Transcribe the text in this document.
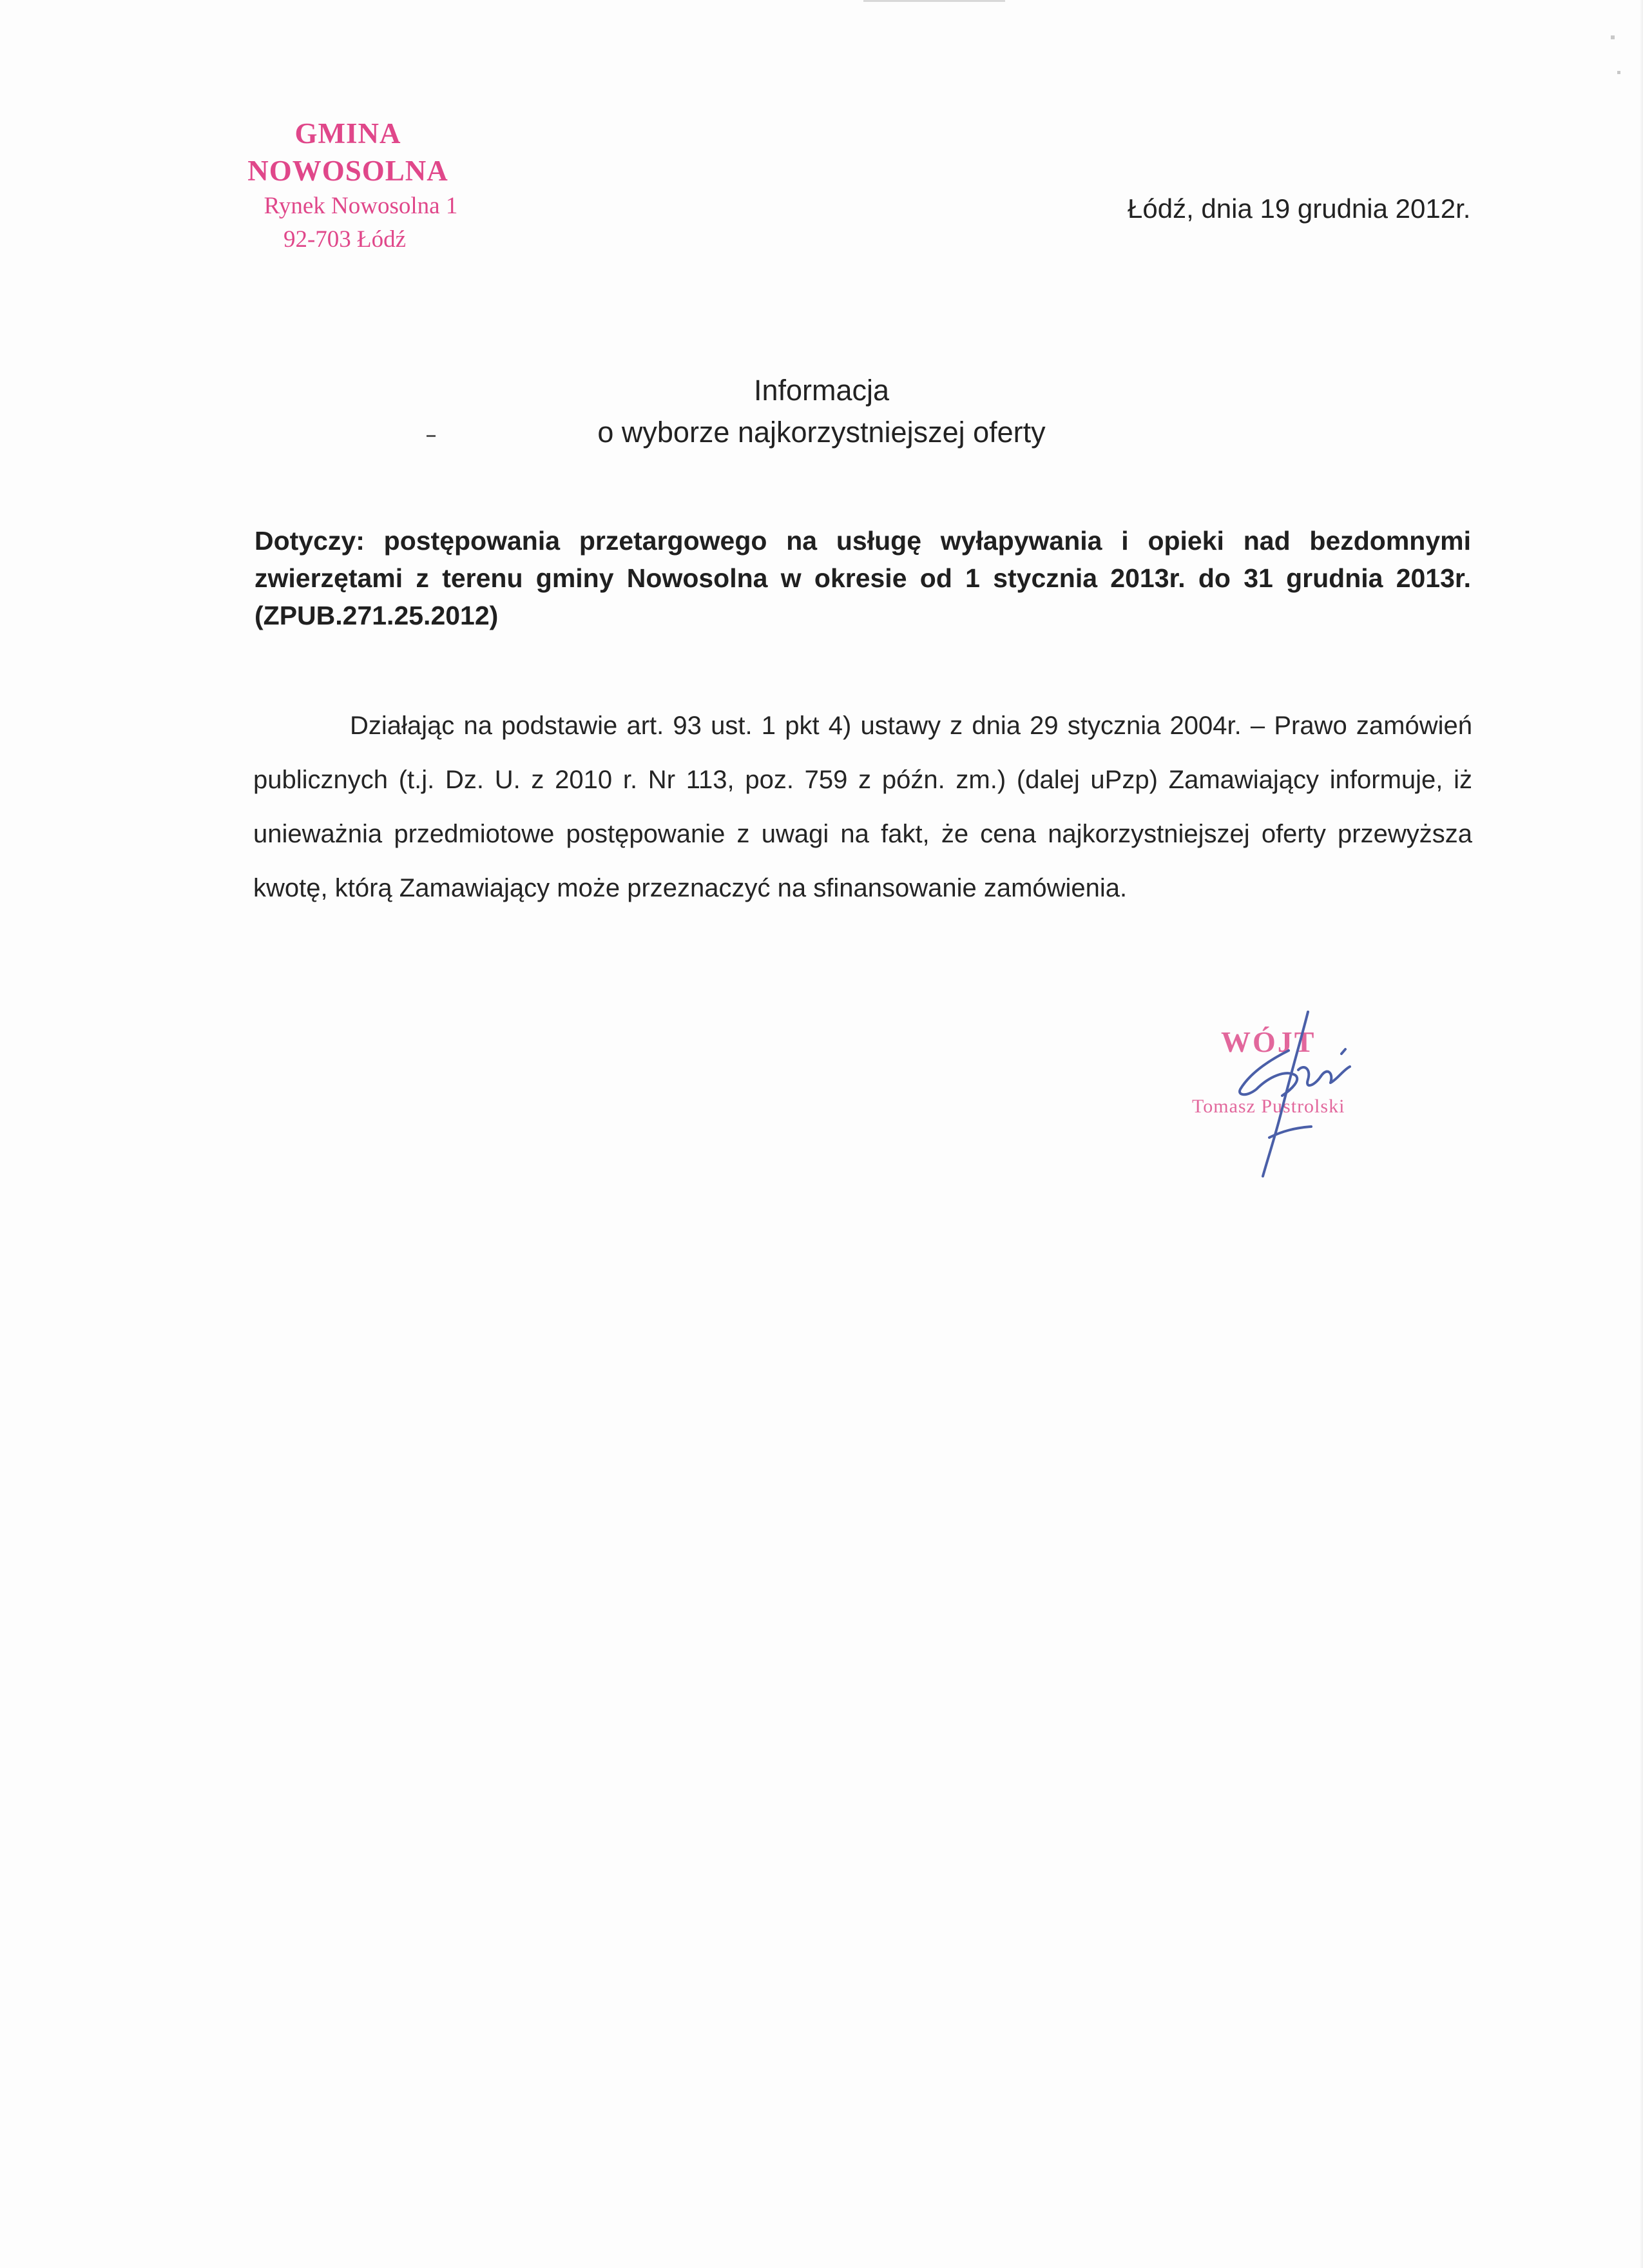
GMINA NOWOSOLNA
Rynek Nowosolna 1
92-703 Łódź
Łódź, dnia 19 grudnia 2012r.
Informacja
o wyborze najkorzystniejszej oferty
Dotyczy: postępowania przetargowego na usługę wyłapywania i opieki nad bezdomnymi zwierzętami z terenu gminy Nowosolna w okresie od 1 stycznia 2013r. do 31 grudnia 2013r. (ZPUB.271.25.2012)
Działając na podstawie art. 93 ust. 1 pkt 4) ustawy z dnia 29 stycznia 2004r. – Prawo zamówień publicznych (t.j. Dz. U. z 2010 r. Nr 113, poz. 759 z późn. zm.) (dalej uPzp) Zamawiający informuje, iż unieważnia przedmiotowe postępowanie z uwagi na fakt, że cena najkorzystniejszej oferty przewyższa kwotę, którą Zamawiający może przeznaczyć na sfinansowanie zamówienia.
WÓJT
Tomasz Pustrolski
